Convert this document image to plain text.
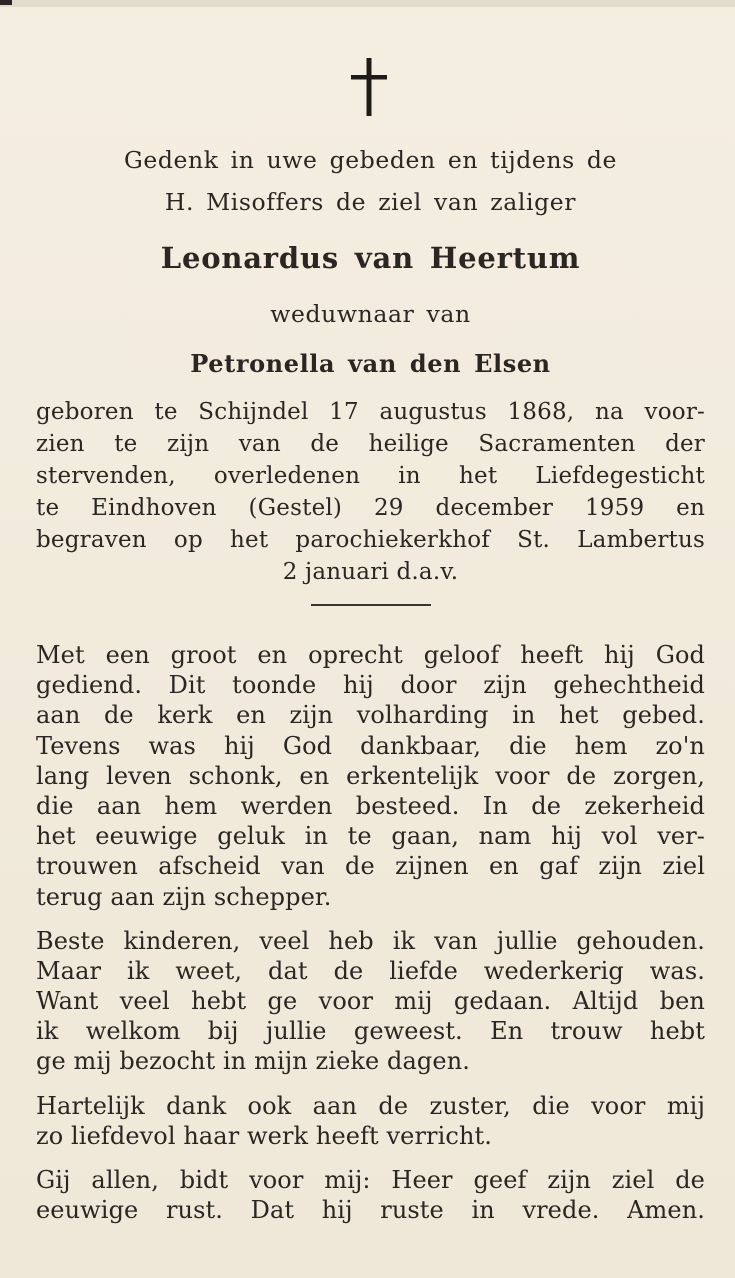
Gedenk in uwe gebeden en tijdens de
H. Misoffers de ziel van zaliger
Leonardus van Heertum
weduwnaar van
Petronella van den Elsen
geboren te Schijndel 17 augustus 1868, na voor-
zien te zijn van de heilige Sacramenten der
stervenden, overledenen in het Liefdegesticht
te Eindhoven (Gestel) 29 december 1959 en
begraven op het parochiekerkhof St. Lambertus
2 januari d.a.v.
Met een groot en oprecht geloof heeft hij God
gediend. Dit toonde hij door zijn gehechtheid
aan de kerk en zijn volharding in het gebed.
Tevens was hij God dankbaar, die hem zo'n
lang leven schonk, en erkentelijk voor de zorgen,
die aan hem werden besteed. In de zekerheid
het eeuwige geluk in te gaan, nam hij vol ver-
trouwen afscheid van de zijnen en gaf zijn ziel
terug aan zijn schepper.
Beste kinderen, veel heb ik van jullie gehouden.
Maar ik weet, dat de liefde wederkerig was.
Want veel hebt ge voor mij gedaan. Altijd ben
ik welkom bij jullie geweest. En trouw hebt
ge mij bezocht in mijn zieke dagen.
Hartelijk dank ook aan de zuster, die voor mij
zo liefdevol haar werk heeft verricht.
Gij allen, bidt voor mij: Heer geef zijn ziel de
eeuwige rust. Dat hij ruste in vrede. Amen.
